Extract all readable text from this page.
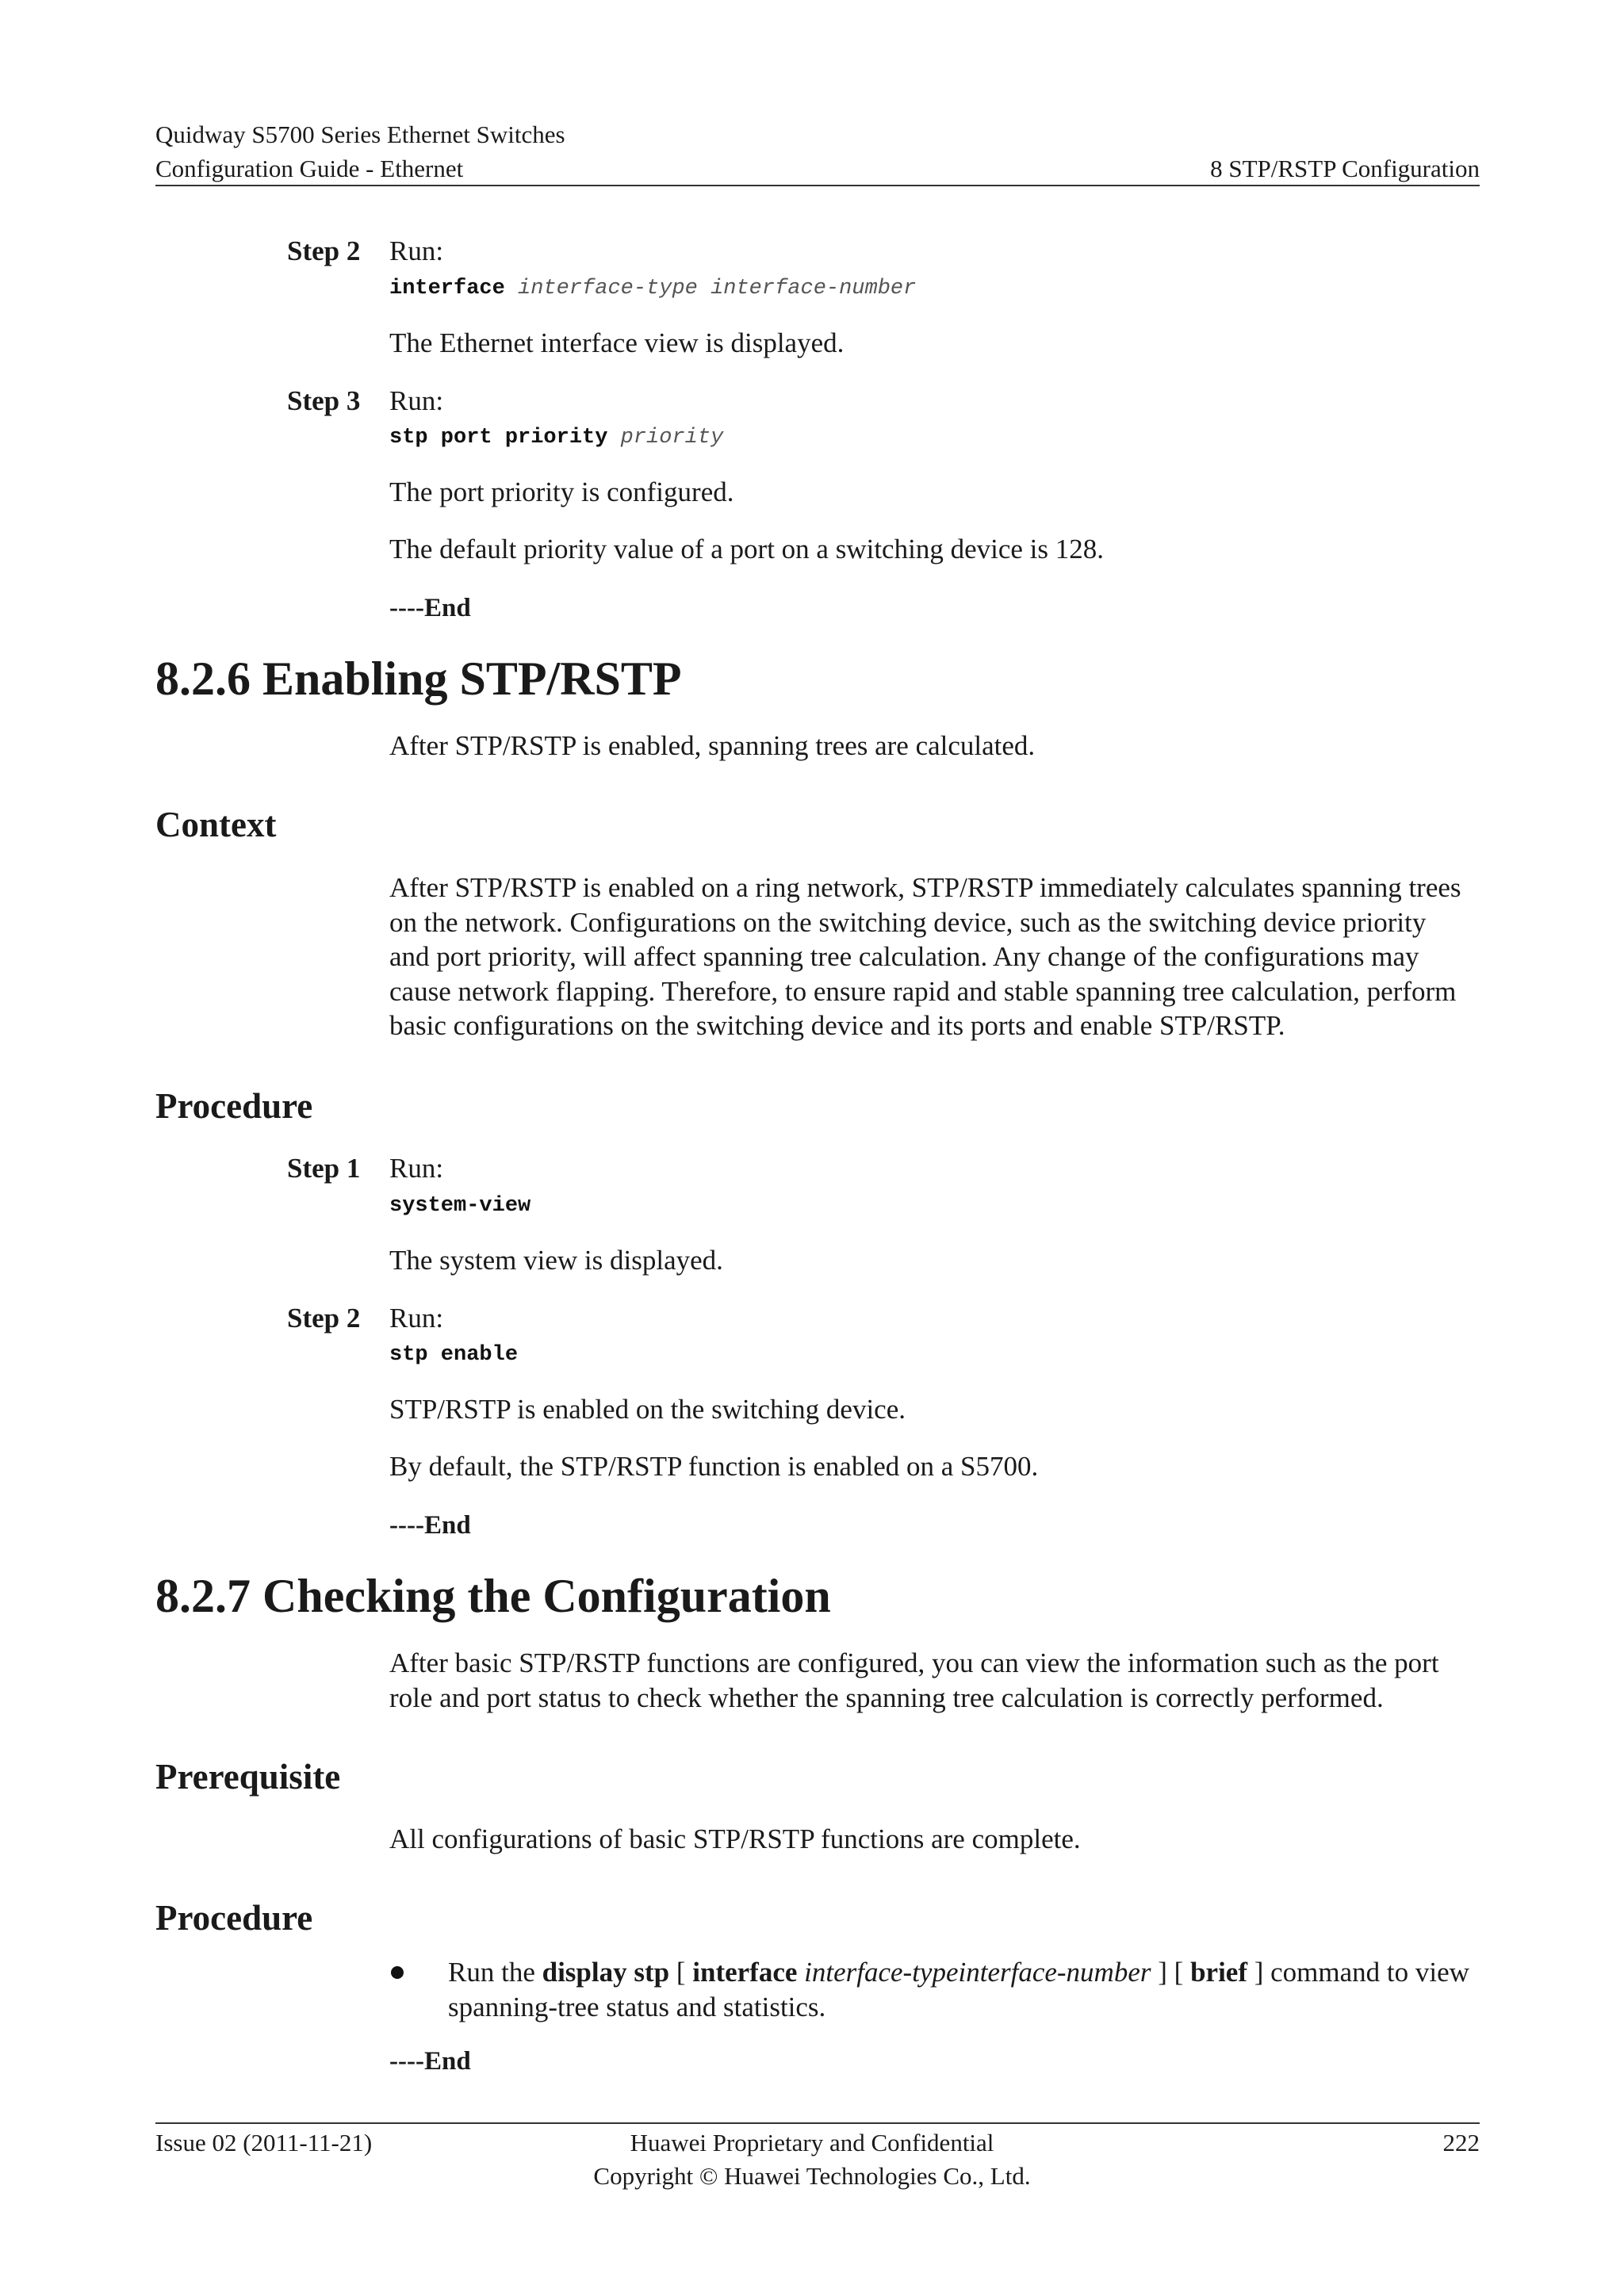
Quidway S5700 Series Ethernet Switches
Configuration Guide - Ethernet	8 STP/RSTP Configuration
Step 2 Run:
interface interface-type interface-number
The Ethernet interface view is displayed.
Step 3 Run:
stp port priority priority
The port priority is configured.
The default priority value of a port on a switching device is 128.
----End
8.2.6 Enabling STP/RSTP
After STP/RSTP is enabled, spanning trees are calculated.
Context
After STP/RSTP is enabled on a ring network, STP/RSTP immediately calculates spanning trees
on the network. Configurations on the switching device, such as the switching device priority
and port priority, will affect spanning tree calculation. Any change of the configurations may
cause network flapping. Therefore, to ensure rapid and stable spanning tree calculation, perform
basic configurations on the switching device and its ports and enable STP/RSTP.
Procedure
Step 1 Run:
system-view
The system view is displayed.
Step 2 Run:
stp enable
STP/RSTP is enabled on the switching device.
By default, the STP/RSTP function is enabled on a S5700.
----End
8.2.7 Checking the Configuration
After basic STP/RSTP functions are configured, you can view the information such as the port
role and port status to check whether the spanning tree calculation is correctly performed.
Prerequisite
All configurations of basic STP/RSTP functions are complete.
Procedure
Run the display stp [ interface interface-typeinterface-number ] [ brief ] command to view
spanning-tree status and statistics.
----End
Issue 02 (2011-11-21)	Huawei Proprietary and Confidential
Copyright © Huawei Technologies Co., Ltd.
222
